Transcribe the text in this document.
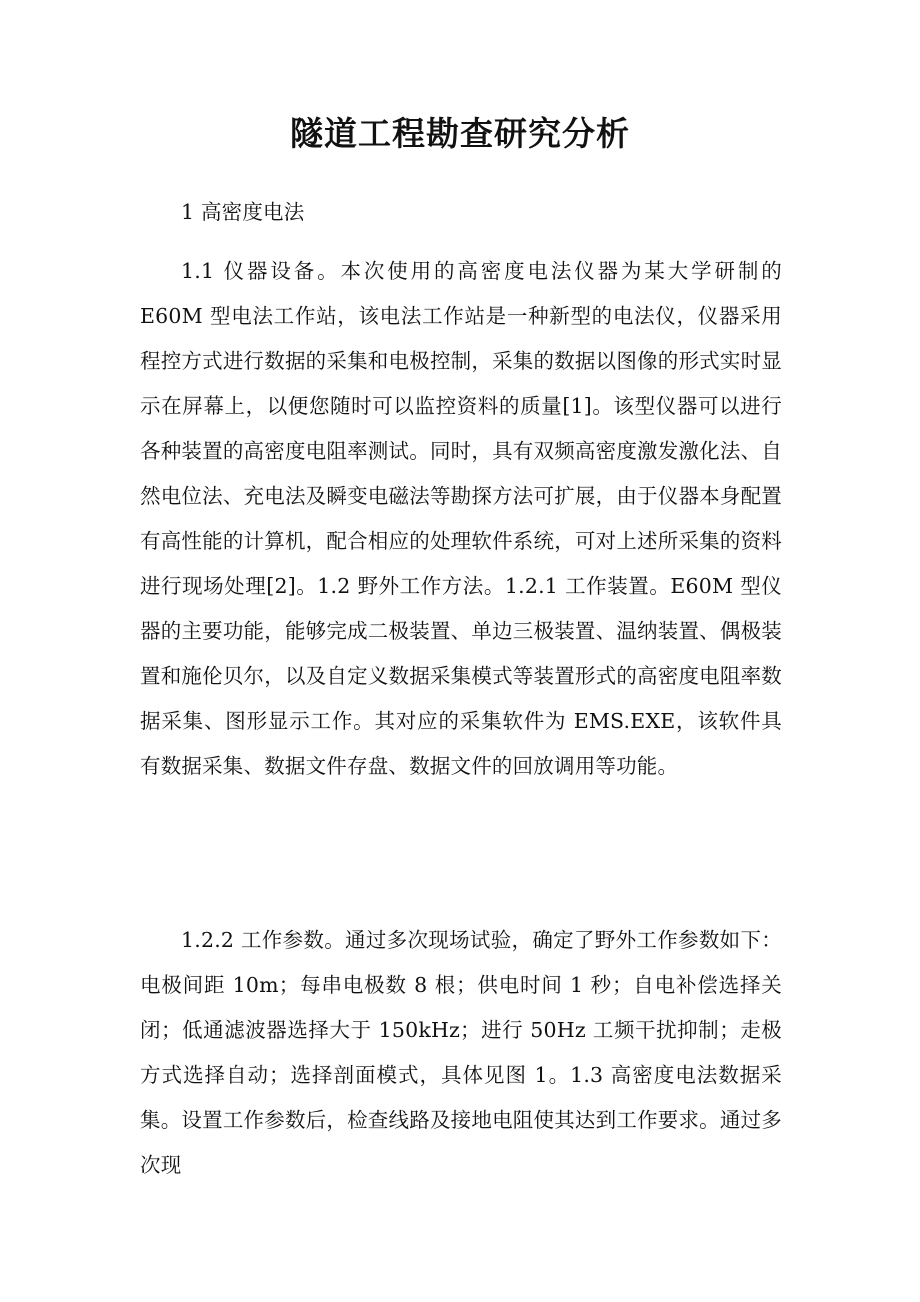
隧道工程勘查研究分析

1 高密度电法

1.1 仪器设备。本次使用的高密度电法仪器为某大学研制的 E60M 型电法工作站，该电法工作站是一种新型的电法仪，仪器采用程控方式进行数据的采集和电极控制，采集的数据以图像的形式实时显示在屏幕上，以便您随时可以监控资料的质量[1]。该型仪器可以进行各种装置的高密度电阻率测试。同时，具有双频高密度激发激化法、自然电位法、充电法及瞬变电磁法等勘探方法可扩展，由于仪器本身配置有高性能的计算机，配合相应的处理软件系统，可对上述所采集的资料进行现场处理[2]。1.2 野外工作方法。1.2.1 工作装置。E60M 型仪器的主要功能，能够完成二极装置、单边三极装置、温纳装置、偶极装置和施伦贝尔，以及自定义数据采集模式等装置形式的高密度电阻率数据采集、图形显示工作。其对应的采集软件为 EMS.EXE，该软件具有数据采集、数据文件存盘、数据文件的回放调用等功能。

1.2.2 工作参数。通过多次现场试验，确定了野外工作参数如下：电极间距 10m；每串电极数 8 根；供电时间 1 秒；自电补偿选择关闭；低通滤波器选择大于 150kHz；进行 50Hz 工频干扰抑制；走极方式选择自动；选择剖面模式，具体见图 1。1.3 高密度电法数据采集。设置工作参数后，检查线路及接地电阻使其达到工作要求。通过多次现
